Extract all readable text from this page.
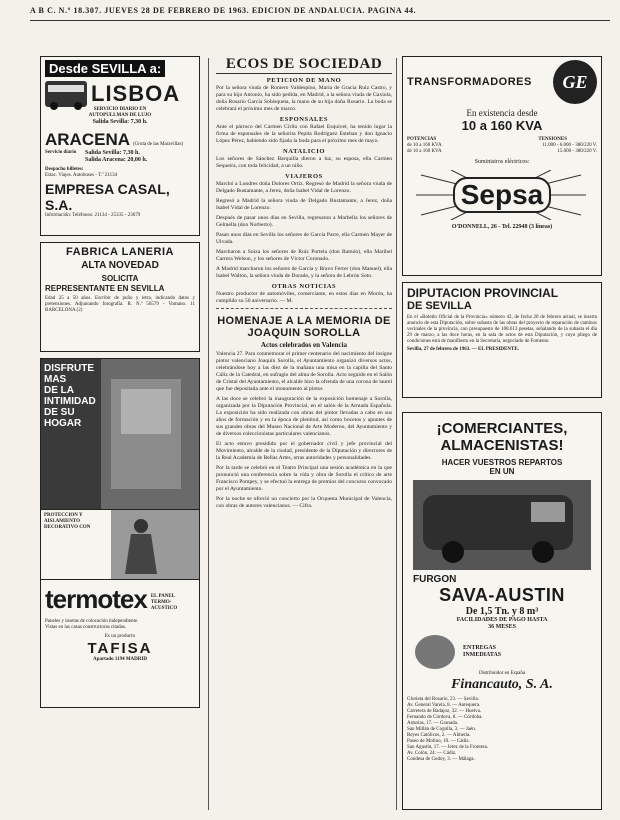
A B C. N.º 18.307. JUEVES 28 DE FEBRERO DE 1963. EDICION DE ANDALUCIA. PAGINA 44.
Desde SEVILLA a:
LISBOA
SERVICIO DIARIO EN
AUTOPULLMAN DE LUJO
Salida Sevilla: 7,30 h.
ARACENA (Gruta de las Maravillas)
Servicio diario	Salida Sevilla: 7,30 h.
Salida Aracena: 20,00 h.
Despacho billetes:
Estac. Viajes. Autobuses - T.º 21134
EMPRESA CASAL, S.A.
Información: Teléfonos: 21134 - 25335 - 23679
FABRICA LANERIA
ALTA NOVEDAD
SOLICITA
REPRESENTANTE EN SEVILLA
Edad 25 a 50 años. Escribir de puño y letra, indicando datos y pretensiones. Adjuntando fotografía. R. N.º 56579 - Vomano. 11 BARCELONA (2)
DISFRUTE
MAS
DE LA
INTIMIDAD
DE SU
HOGAR
PROTECCION Y
AISLAMIENTO
DECORATIVO CON
termotex EL PANEL
TERMO-ACUSTICO
Paneles y losetas de colocación independiente.
Vistas en las casas constructoras citadas.
Es un producto
TAFISA
Apartado 1194 MADRID
ECOS DE SOCIEDAD
PETICION DE MANO
Por la señora viuda de Romero Valdespino, María de Gracia Ruiz Castro, y para su hijo Antonio, ha sido pedida, en Madrid, a la señora viuda de Gaxiola, doña Rosario García Sobisqueta, la mano de su hija doña Rosario. La boda se celebrará el próximo mes de marzo.
ESPONSALES
Ante el párroco del Carmen Cirilo con Rafael Esquivel, ha tenido lugar la firma de esponsales de la señorita Pepita Rodríguez Esteban y don Ignacio López Pérez, habiendo sido fijada la boda para el próximo mes de mayo.
NATALICIO
Los señores de Sánchez Barquilla dieron a luz, su esposa, ella Carmen Sequeira, con toda felicidad, a un niño.
VIAJEROS
Marchó a Londres doña Dolores Ortiz. Regresó de Madrid la señora viuda de Delgado Bustamante, a Jerez, doña Isabel Vidal de Lorenzo.
Regresó a Madrid la señora viuda de Delgado Bustamante, a Jerez, doña Isabel Vidal de Lorenzo.
Después de pasar unos días en Sevilla, regresaron a Marbella los señores de Gelmella (don Norberto).
Pasan unos días en Sevilla los señores de García Parre, ella Carmen Mayer de Ulvada.
Marcharon a Suiza los señores de Ruiz Portela (don Ramón), ella Maribel Carrera Welson, y los señores de Víctor Coronado.
A Madrid marcharon los señores de García y Bravo Ferrer (don Manuel), ella Isabel Walton, la señora viuda de Dorado, y la señora de Lebrón Soto.
OTRAS NOTICIAS
Nuestro productor de automóviles, comerciante, en estos días en Morón, ha cumplido su 50 aniversario. — M.
HOMENAJE A LA MEMORIA DE JOAQUIN SOROLLA
Actos celebrados en Valencia
Valencia 27. Para conmemorar el primer centenario del nacimiento del insigne pintor valenciano Joaquín Sorolla, el Ayuntamiento organizó diversos actos, celebrándose hoy a las diez de la mañana una misa en la capilla del Santo Cáliz de la Catedral, en sufragio del alma de Sorolla. Acto seguido en el Salón de Cristal del Ayuntamiento, el alcalde hizo la ofrenda de una corona de laurel que fue depositada ante el monumento al pintor.
A las doce se celebró la inauguración de la exposición homenaje a Sorolla, organizada por la Diputación Provincial, en el salón de la Armada Española. La exposición ha sido realizada con obras del pintor llevadas a cabo en sus años de formación y en la época de plenitud, así como bocetos y apuntes de sus grandes obras del Museo Nacional de Arte Moderno, del Ayuntamiento y de diversos coleccionistas particulares valencianos.
El acto estuvo presidido por el gobernador civil y jefe provincial del Movimiento, alcalde de la ciudad, presidente de la Diputación y directores de la Real Academia de Bellas Artes, otras autoridades y personalidades.
Por la tarde se celebró en el Teatro Principal una sesión académica en la que pronunció una conferencia sobre la vida y obra de Sorolla el crítico de arte Francisco Pompey, y se efectuó la entrega de premios del concurso convocado por el Ayuntamiento.
Por la noche se ofreció un concierto por la Orquesta Municipal de Valencia, con obras de autores valencianos. — Cifra.
TRANSFORMADORES	GE
En existencia desde
10 a 160 KVA
POTENCIAS	TENSIONES
de 10 a 160 KVA	11.000 - 6.000 - 380/220 V.
de 10 a 160 KVA	15.000 - 380/220 V.
Suministros eléctricos:
Sepsa
O'DONNELL, 26 - Tel. 22948 (3 líneas)
DIPUTACION PROVINCIAL
DE SEVILLA
En el «Boletín Oficial de la Provincia» número 42, de fecha 20 de febrero actual, se inserta anuncio de esta Diputación, sobre subasta de las obras del proyecto de reparación de caminos vecinales de la provincia, con presupuesto de 108.613 pesetas, señalando de la subasta el día 29 de marzo, a las doce horas, en la sala de actos de esta Diputación, y cuyo pliego de condiciones está de manifiesto en la Secretaría, negociado de Fomento.
Sevilla, 27 de febrero de 1963. — EL PRESIDENTE.
¡COMERCIANTES,
ALMACENISTAS!
HACER VUESTROS REPARTOS
EN UN
FURGON
SAVA-AUSTIN
De 1,5 Tn. y 8 m³
FACILIDADES DE PAGO HASTA
36 MESES
ENTREGAS
INMEDIATAS
Distribuidor en España
Financauto, S. A.
Glorieta del Rosario, 23. — Sevilla.
Av. General Varela, 8. — Antequera.
Carretera de Badajoz, 32. — Huelva.
Fernando de Córdova, 8. — Córdoba.
Asturias, 17. — Granada.
San Millán de Cogolla, 3. — Jaén.
Reyes Católicos, 2. — Almería.
Paseo de Molino, 10. — Cádiz.
San Agustín, 17. — Jerez de la Frontera.
Av. Colón, 24. — Cádiz.
Condesa de Godoy, 3. — Málaga.
